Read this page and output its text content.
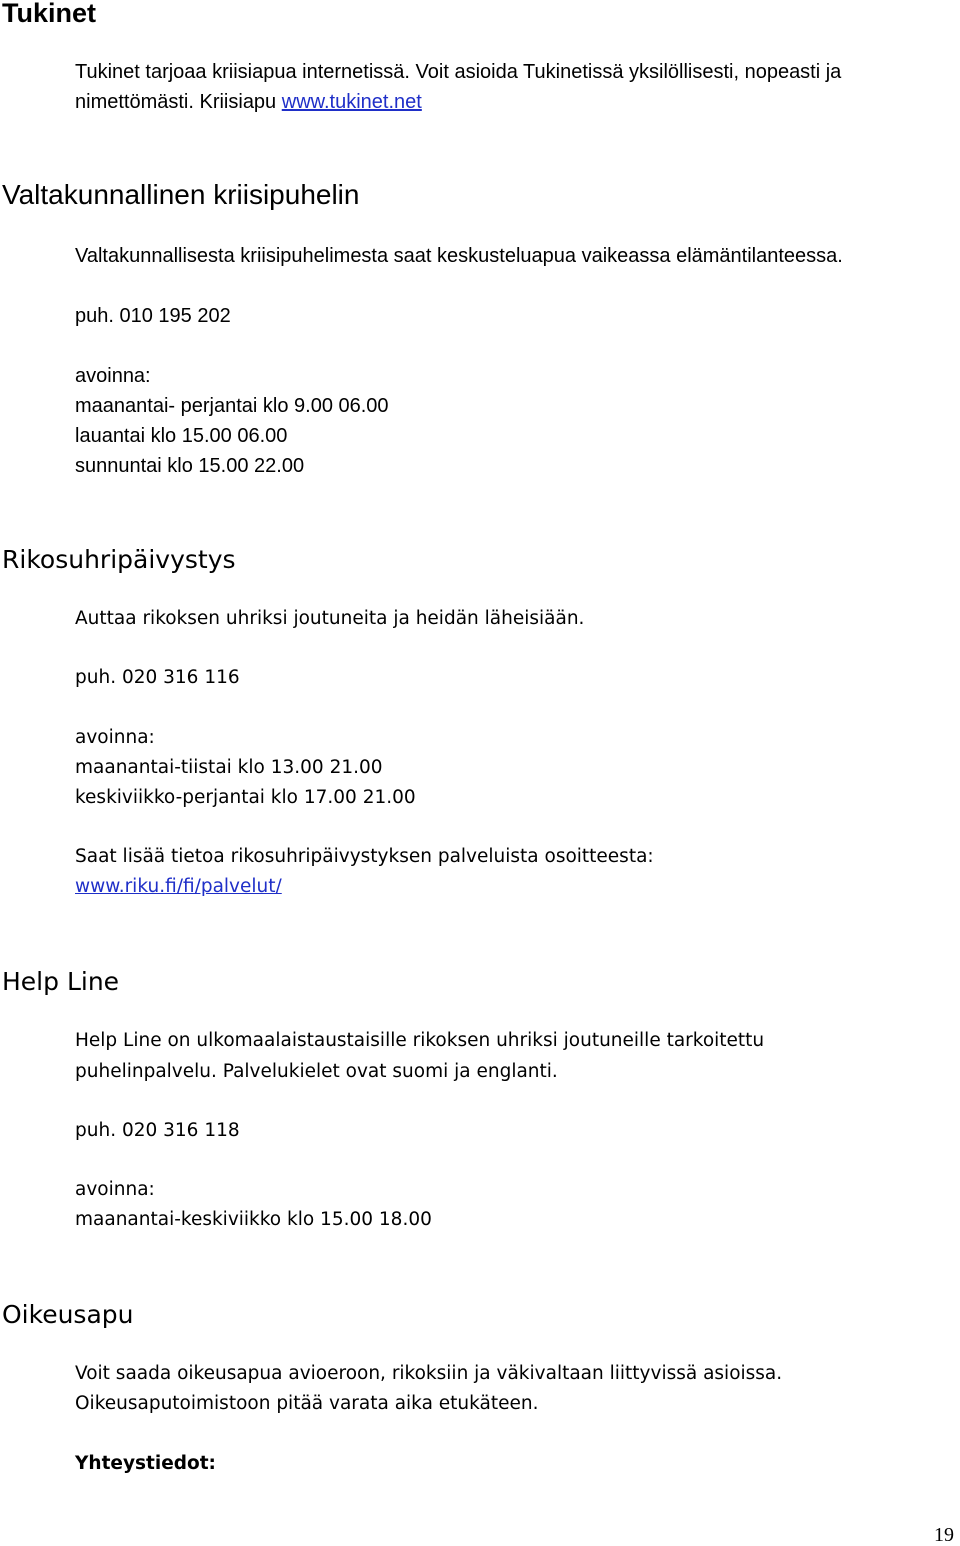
Tukinet
Tukinet tarjoaa kriisiapua internetissä. Voit asioida Tukinetissä yksilöllisesti, nopeasti ja
nimettömästi. Kriisiapu www.tukinet.net
Valtakunnallinen kriisipuhelin
Valtakunnallisesta kriisipuhelimesta saat keskusteluapua vaikeassa elämäntilanteessa.
puh. 010 195 202
avoinna:
maanantai- perjantai klo 9.00 06.00
lauantai klo 15.00 06.00
sunnuntai klo 15.00 22.00
Rikosuhripäivystys
Auttaa rikoksen uhriksi joutuneita ja heidän läheisiään.
puh. 020 316 116
avoinna:
maanantai-tiistai klo 13.00 21.00
keskiviikko-perjantai klo 17.00 21.00
Saat lisää tietoa rikosuhripäivystyksen palveluista osoitteesta:
www.riku.fi/fi/palvelut/
Help Line
Help Line on ulkomaalaistaustaisille rikoksen uhriksi joutuneille tarkoitettu
puhelinpalvelu. Palvelukielet ovat suomi ja englanti.
puh. 020 316 118
avoinna:
maanantai-keskiviikko klo 15.00 18.00
Oikeusapu
Voit saada oikeusapua avioeroon, rikoksiin ja väkivaltaan liittyvissä asioissa.
Oikeusaputoimistoon pitää varata aika etukäteen.
Yhteystiedot:
19
